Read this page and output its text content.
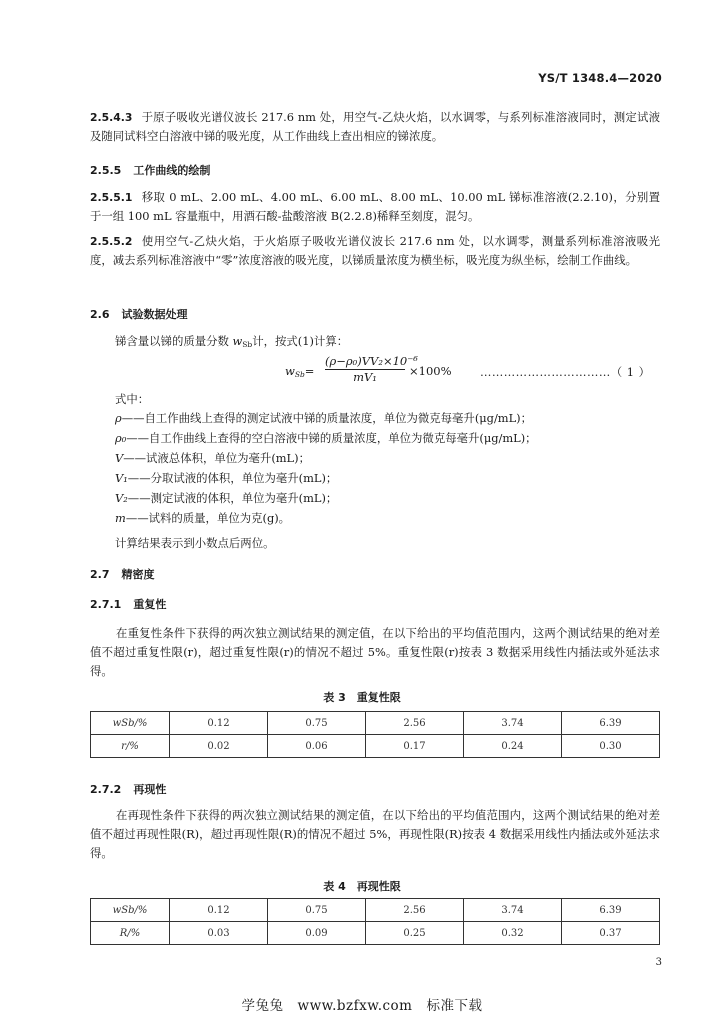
YS/T 1348.4—2020
2.5.4.3 于原子吸收光谱仪波长 217.6 nm 处，用空气-乙炔火焰，以水调零，与系列标准溶液同时，测定试液及随同试料空白溶液中锑的吸光度，从工作曲线上查出相应的锑浓度。
2.5.5 工作曲线的绘制
2.5.5.1 移取 0 mL、2.00 mL、4.00 mL、6.00 mL、8.00 mL、10.00 mL 锑标准溶液(2.2.10)，分别置于一组 100 mL 容量瓶中，用酒石酸-盐酸溶液 B(2.2.8)稀释至刻度，混匀。
2.5.5.2 使用空气-乙炔火焰，于火焰原子吸收光谱仪波长 217.6 nm 处，以水调零，测量系列标准溶液吸光度，减去系列标准溶液中“零”浓度溶液的吸光度，以锑质量浓度为横坐标，吸光度为纵坐标，绘制工作曲线。
2.6 试验数据处理
锑含量以锑的质量分数 $w_{Sb}$计，按式(1)计算：
$w_{Sb}= \frac{\text{(ρ−ρ₀)VV₂×10⁻⁶}}{\text{mV₁}} \times 100\%$ ……………………………（ 1 ）
式中：
ρ——自工作曲线上查得的测定试液中锑的质量浓度，单位为微克每毫升(μg/mL)；
ρ₀——自工作曲线上查得的空白溶液中锑的质量浓度，单位为微克每毫升(μg/mL)；
V——试液总体积，单位为毫升(mL)；
V₁——分取试液的体积，单位为毫升(mL)；
V₂——测定试液的体积，单位为毫升(mL)；
m——试料的质量，单位为克(g)。
计算结果表示到小数点后两位。
2.7 精密度
2.7.1 重复性
在重复性条件下获得的两次独立测试结果的测定值，在以下给出的平均值范围内，这两个测试结果的绝对差值不超过重复性限(r)，超过重复性限(r)的情况不超过 5%。重复性限(r)按表 3 数据采用线性内插法或外延法求得。
表 3　重复性限
wSb/%	0.12	0.75	2.56	3.74	6.39
r/%	0.02	0.06	0.17	0.24	0.30
2.7.2 再现性
在再现性条件下获得的两次独立测试结果的测定值，在以下给出的平均值范围内，这两个测试结果的绝对差值不超过再现性限(R)，超过再现性限(R)的情况不超过 5%，再现性限(R)按表 4 数据采用线性内插法或外延法求得。
表 4　再现性限
wSb/%	0.12	0.75	2.56	3.74	6.39
R/%	0.03	0.09	0.25	0.32	0.37
3
学兔兔　www.bzfxw.com　标准下载
